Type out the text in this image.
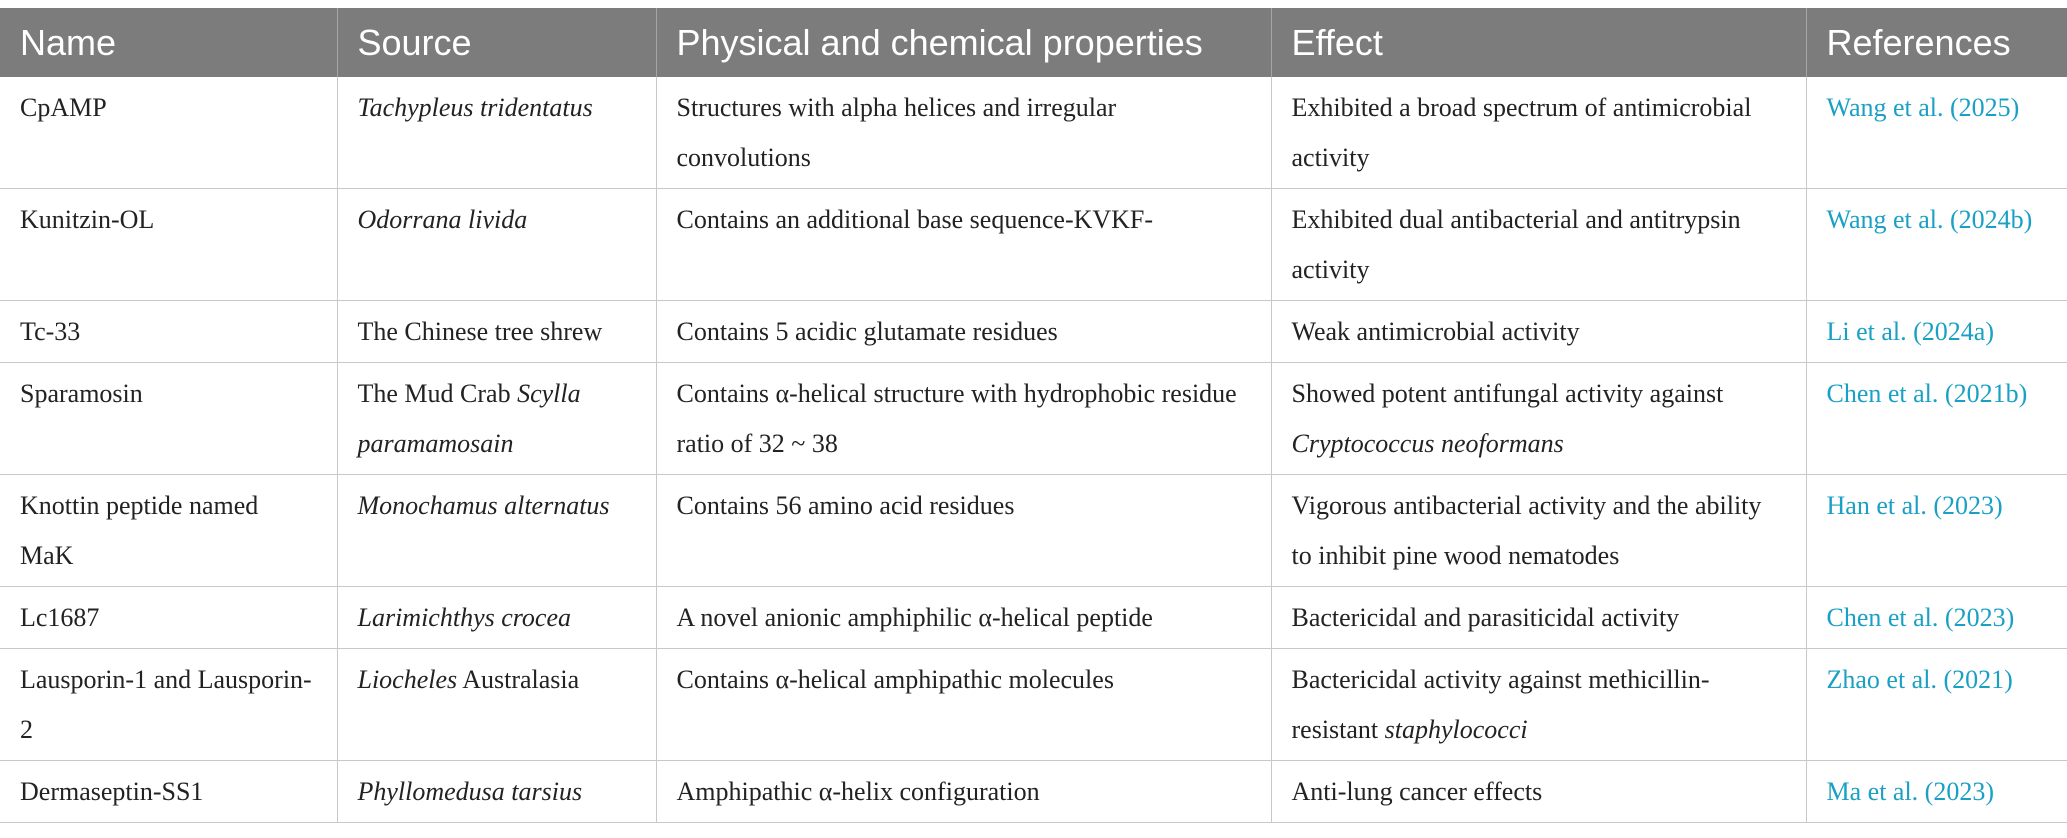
Name	Source	Physical and chemical properties	Effect	References
CpAMP	Tachypleus tridentatus	Structures with alpha helices and irregular convolutions	Exhibited a broad spectrum of antimicrobial activity	Wang et al. (2025)
Kunitzin-OL	Odorrana livida	Contains an additional base sequence-KVKF-	Exhibited dual antibacterial and antitrypsin activity	Wang et al. (2024b)
Tc-33	The Chinese tree shrew	Contains 5 acidic glutamate residues	Weak antimicrobial activity	Li et al. (2024a)
Sparamosin	The Mud Crab Scylla paramamosain	Contains α-helical structure with hydrophobic residue ratio of 32 ~ 38	Showed potent antifungal activity against Cryptococcus neoformans	Chen et al. (2021b)
Knottin peptide named MaK	Monochamus alternatus	Contains 56 amino acid residues	Vigorous antibacterial activity and the ability to inhibit pine wood nematodes	Han et al. (2023)
Lc1687	Larimichthys crocea	A novel anionic amphiphilic α-helical peptide	Bactericidal and parasiticidal activity	Chen et al. (2023)
Lausporin-1 and Lausporin-2	Liocheles Australasia	Contains α-helical amphipathic molecules	Bactericidal activity against methicillin-resistant staphylococci	Zhao et al. (2021)
Dermaseptin-SS1	Phyllomedusa tarsius	Amphipathic α-helix configuration	Anti-lung cancer effects	Ma et al. (2023)
